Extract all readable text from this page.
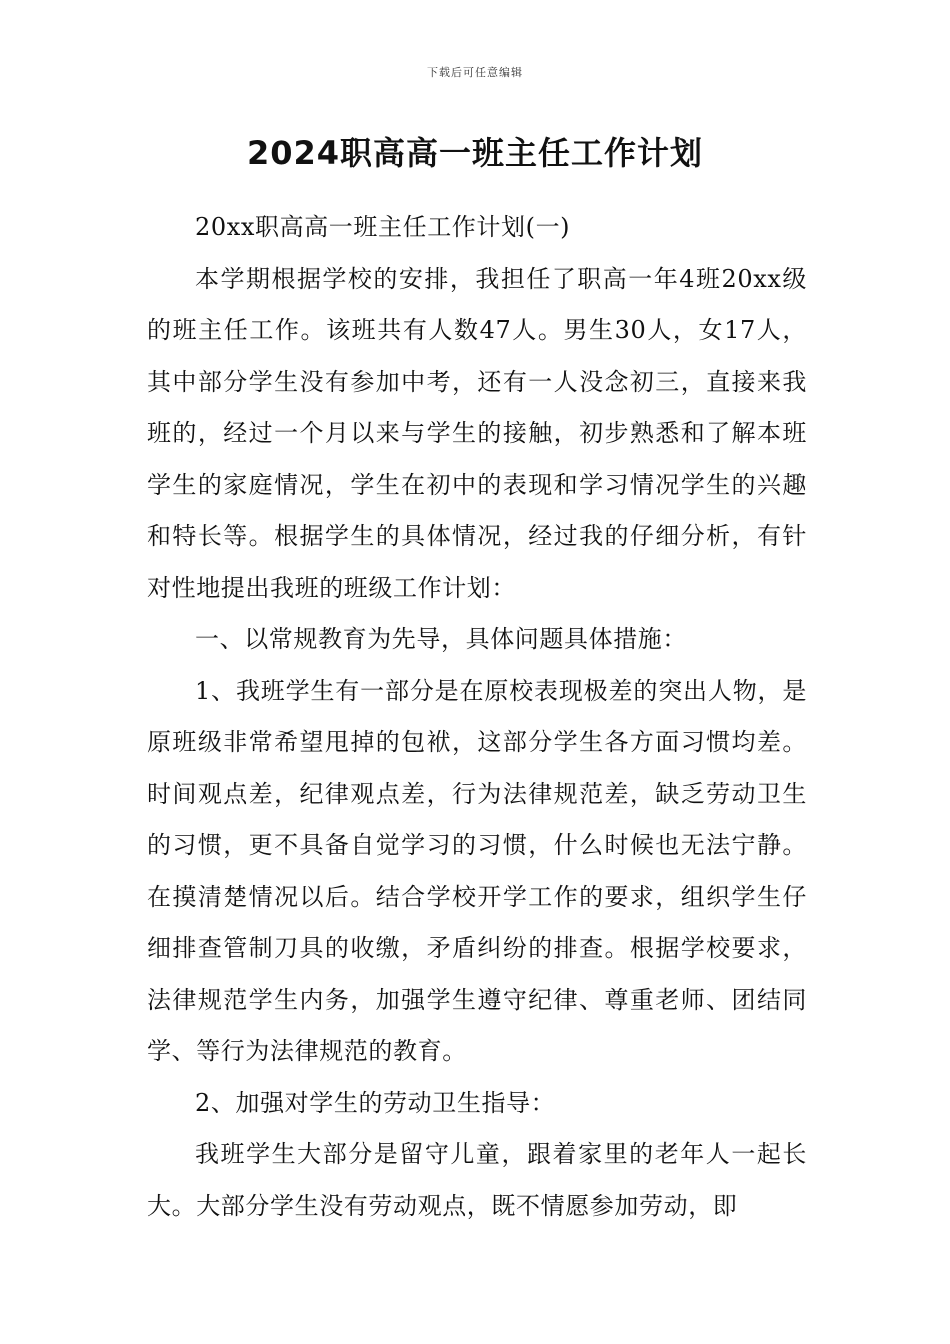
下载后可任意编辑
2024职高高一班主任工作计划

20xx职高高一班主任工作计划(一)

本学期根据学校的安排，我担任了职高一年4班20xx级的班主任工作。该班共有人数47人。男生30人，女17人，其中部分学生没有参加中考，还有一人没念初三，直接来我班的，经过一个月以来与学生的接触，初步熟悉和了解本班学生的家庭情况，学生在初中的表现和学习情况学生的兴趣和特长等。根据学生的具体情况，经过我的仔细分析，有针对性地提出我班的班级工作计划：

一、以常规教育为先导，具体问题具体措施：

1、我班学生有一部分是在原校表现极差的突出人物，是原班级非常希望甩掉的包袱，这部分学生各方面习惯均差。时间观点差，纪律观点差，行为法律规范差，缺乏劳动卫生的习惯，更不具备自觉学习的习惯，什么时候也无法宁静。在摸清楚情况以后。结合学校开学工作的要求，组织学生仔细排查管制刀具的收缴，矛盾纠纷的排查。根据学校要求，法律规范学生内务，加强学生遵守纪律、尊重老师、团结同学、等行为法律规范的教育。

2、加强对学生的劳动卫生指导：

我班学生大部分是留守儿童，跟着家里的老年人一起长大。大部分学生没有劳动观点，既不情愿参加劳动，即
